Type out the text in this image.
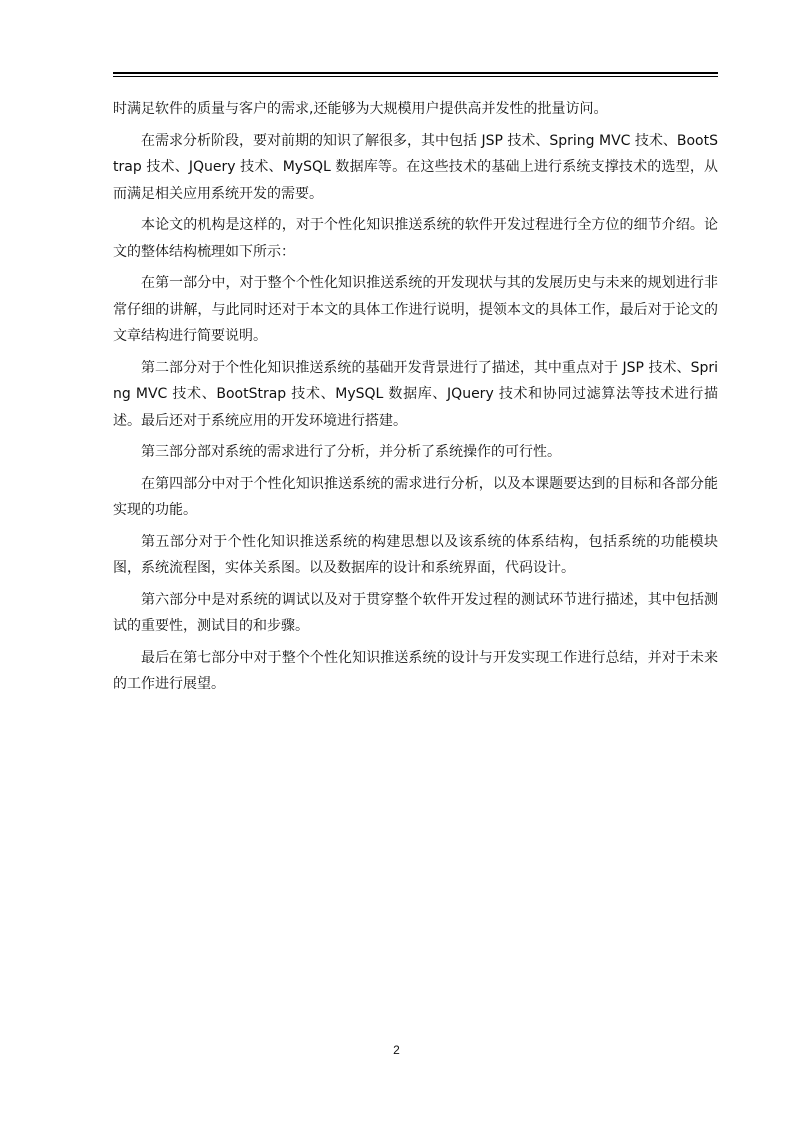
时满足软件的质量与客户的需求,还能够为大规模用户提供高并发性的批量访问。

在需求分析阶段，要对前期的知识了解很多，其中包括 JSP 技术、Spring MVC 技术、BootStrap 技术、JQuery 技术、MySQL 数据库等。在这些技术的基础上进行系统支撑技术的选型，从而满足相关应用系统开发的需要。

本论文的机构是这样的，对于个性化知识推送系统的软件开发过程进行全方位的细节介绍。论文的整体结构梳理如下所示：

在第一部分中，对于整个个性化知识推送系统的开发现状与其的发展历史与未来的规划进行非常仔细的讲解，与此同时还对于本文的具体工作进行说明，提领本文的具体工作，最后对于论文的文章结构进行简要说明。

第二部分对于个性化知识推送系统的基础开发背景进行了描述，其中重点对于 JSP 技术、Spring MVC 技术、BootStrap 技术、MySQL 数据库、JQuery 技术和协同过滤算法等技术进行描述。最后还对于系统应用的开发环境进行搭建。

第三部分部对系统的需求进行了分析，并分析了系统操作的可行性。

在第四部分中对于个性化知识推送系统的需求进行分析，以及本课题要达到的目标和各部分能实现的功能。

第五部分对于个性化知识推送系统的构建思想以及该系统的体系结构，包括系统的功能模块图，系统流程图，实体关系图。以及数据库的设计和系统界面，代码设计。

第六部分中是对系统的调试以及对于贯穿整个软件开发过程的测试环节进行描述，其中包括测试的重要性，测试目的和步骤。

最后在第七部分中对于整个个性化知识推送系统的设计与开发实现工作进行总结，并对于未来的工作进行展望。

2
